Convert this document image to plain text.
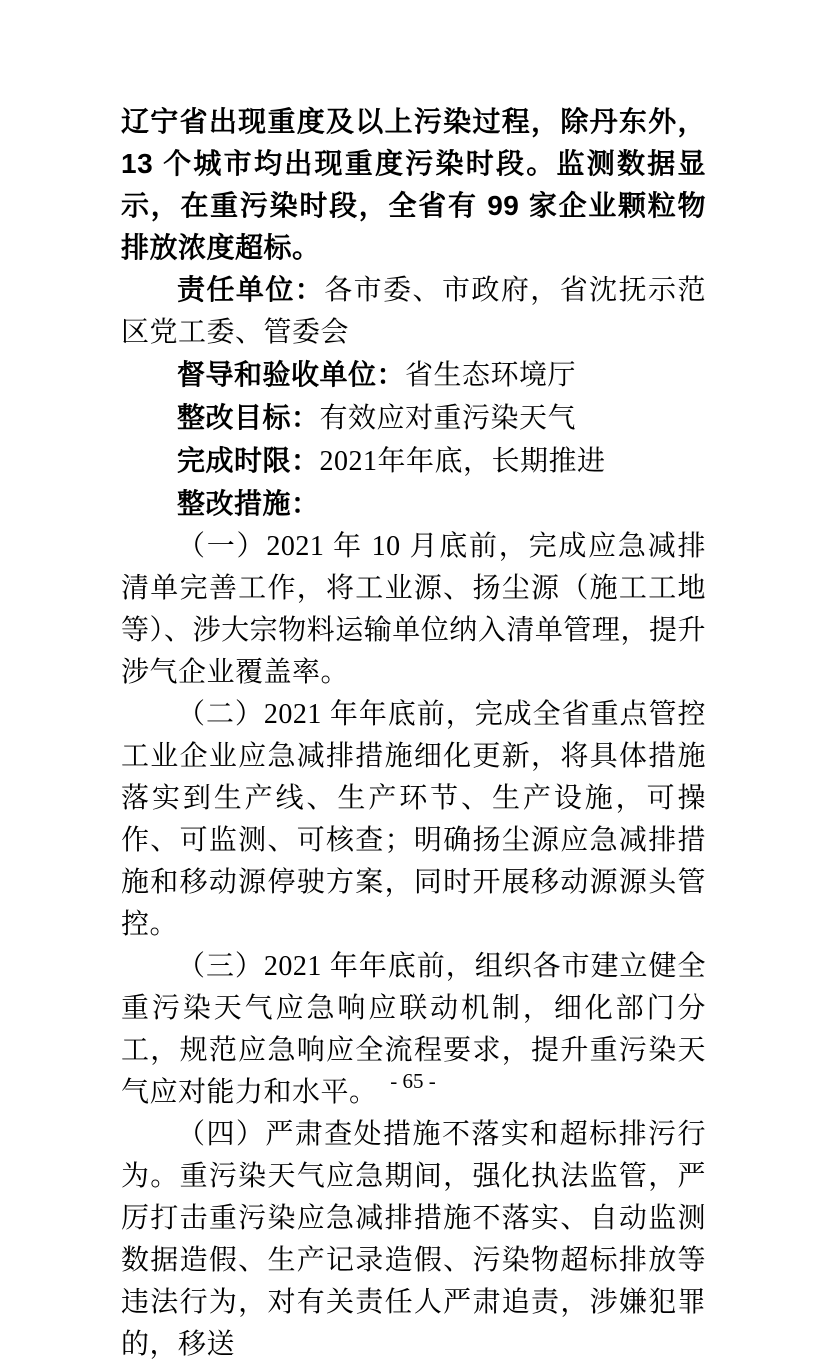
辽宁省出现重度及以上污染过程，除丹东外，13 个城市均出现重度污染时段。监测数据显示，在重污染时段，全省有 99 家企业颗粒物排放浓度超标。

责任单位：各市委、市政府，省沈抚示范区党工委、管委会

督导和验收单位：省生态环境厅

整改目标：有效应对重污染天气

完成时限：2021年年底，长期推进

整改措施：

（一）2021 年 10 月底前，完成应急减排清单完善工作，将工业源、扬尘源（施工工地等）、涉大宗物料运输单位纳入清单管理，提升涉气企业覆盖率。

（二）2021 年年底前，完成全省重点管控工业企业应急减排措施细化更新，将具体措施落实到生产线、生产环节、生产设施，可操作、可监测、可核查；明确扬尘源应急减排措施和移动源停驶方案，同时开展移动源源头管控。

（三）2021 年年底前，组织各市建立健全重污染天气应急响应联动机制，细化部门分工，规范应急响应全流程要求，提升重污染天气应对能力和水平。

（四）严肃查处措施不落实和超标排污行为。重污染天气应急期间，强化执法监管，严厉打击重污染应急减排措施不落实、自动监测数据造假、生产记录造假、污染物超标排放等违法行为，对有关责任人严肃追责，涉嫌犯罪的，移送

- 65 -
